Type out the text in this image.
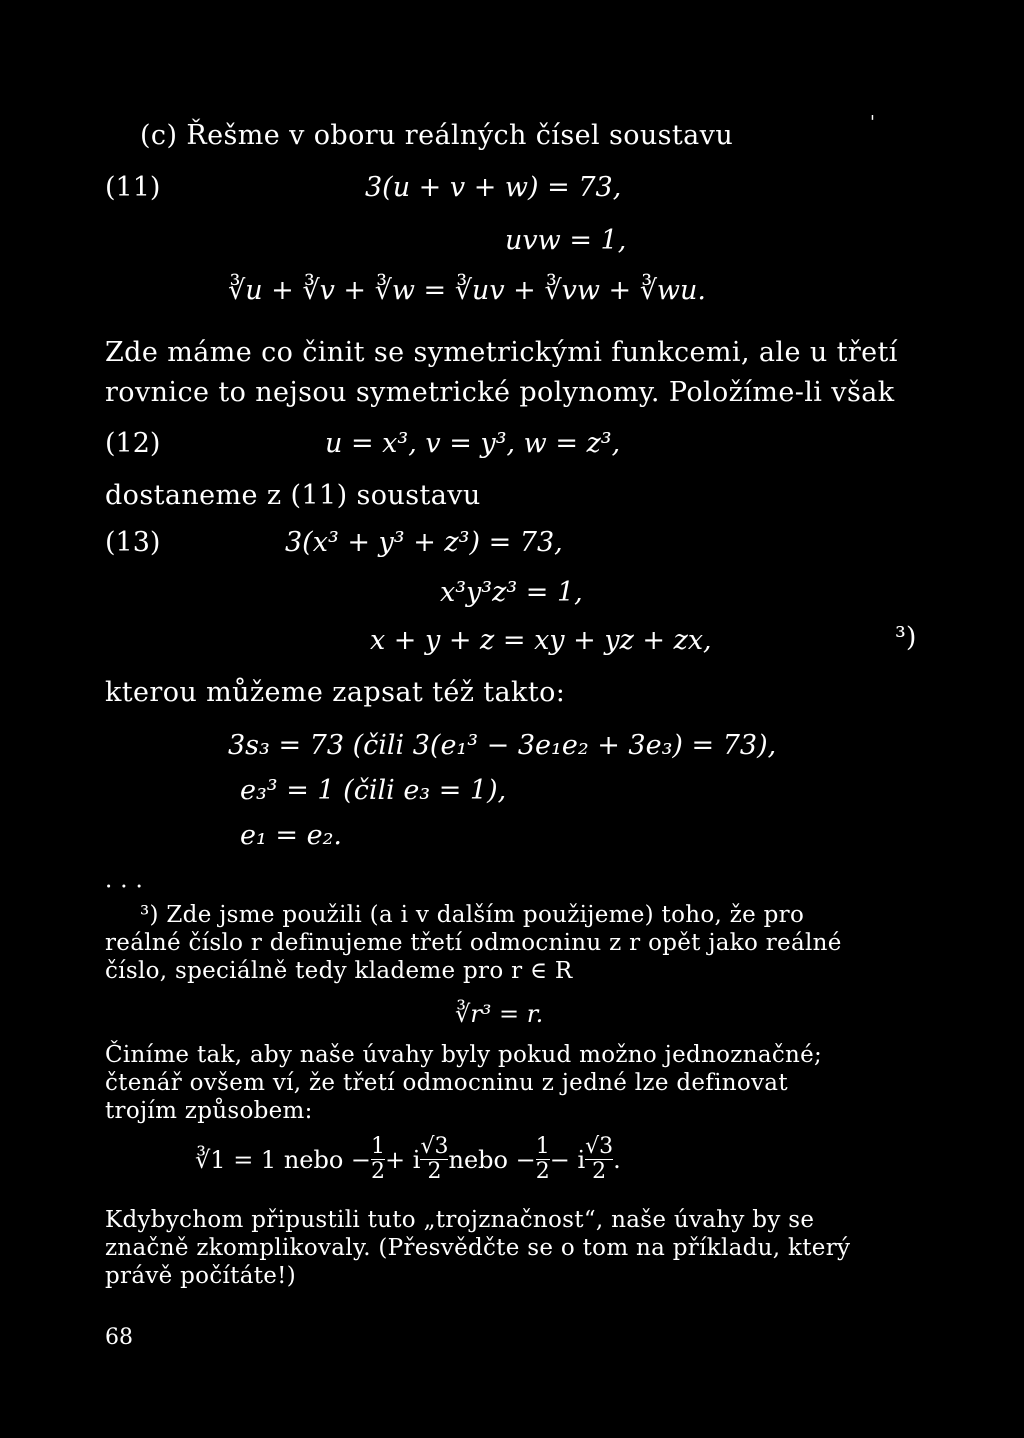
'
(c) Řešme v oboru reálných čísel soustavu
(11)	3(u + v + w) = 73,
uvw = 1,
∛u + ∛v + ∛w = ∛uv + ∛vw + ∛wu.
Zde máme co činit se symetrickými funkcemi, ale u třetí
rovnice to nejsou symetrické polynomy. Položíme-li však
(12)	u = x³, v = y³, w = z³,
dostaneme z (11) soustavu
(13)	3(x³ + y³ + z³) = 73,
x³y³z³ = 1,
x + y + z = xy + yz + zx,	³)
kterou můžeme zapsat též takto:
3s₃ = 73 (čili 3(e₁³ − 3e₁e₂ + 3e₃) = 73),
e₃³ = 1 (čili e₃ = 1),
e₁ = e₂.
· · ·
³) Zde jsme použili (a i v dalším použijeme) toho, že pro
reálné číslo r definujeme třetí odmocninu z r opět jako reálné
číslo, speciálně tedy klademe pro r ∈ R
∛r³ = r.
Činíme tak, aby naše úvahy byly pokud možno jednoznačné;
čtenář ovšem ví, že třetí odmocninu z jedné lze definovat
trojím způsobem:
∛1 = 1 nebo − $\frac{1}{2} + i \frac{√3}{2}$ nebo − $\frac{1}{2} - i \frac{√3}{2}$ .
Kdybychom připustili tuto „trojznačnost“, naše úvahy by se
značně zkomplikovaly. (Přesvědčte se o tom na příkladu, který
právě počítáte!)
68
